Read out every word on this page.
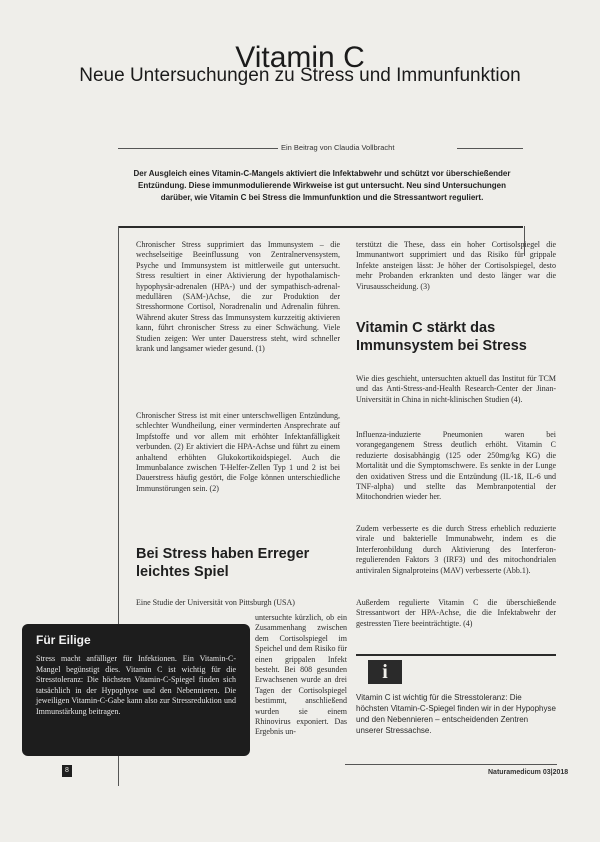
Vitamin C
Neue Untersuchungen zu Stress und Immunfunktion
Ein Beitrag von Claudia Vollbracht
Der Ausgleich eines Vitamin-C-Mangels aktiviert die Infektabwehr und schützt vor überschießender Entzündung. Diese immunmodulierende Wirkweise ist gut untersucht. Neu sind Untersuchungen darüber, wie Vitamin C bei Stress die Immunfunktion und die Stressantwort reguliert.

Chronischer Stress supprimiert das Immunsystem – die wechselseitige Beeinflussung von Zentralnervensystem, Psyche und Immunsystem ist mittlerweile gut untersucht. Stress resultiert in einer Aktivierung der hypothalamisch-hypophysär-adrenalen (HPA-) und der sympathisch-adrenal-medullären (SAM-)Achse, die zur Produktion der Stresshormone Cortisol, Noradrenalin und Adrenalin führen. Während akuter Stress das Immunsystem kurzzeitig aktivieren kann, führt chronischer Stress zu einer Schwächung. Viele Studien zeigen: Wer unter Dauerstress steht, wird schneller krank und langsamer wieder gesund. (1)

Chronischer Stress ist mit einer unterschwelligen Entzündung, schlechter Wundheilung, einer verminderten Ansprechrate auf Impfstoffe und vor allem mit erhöhter Infektanfälligkeit verbunden. (2) Er aktiviert die HPA-Achse und führt zu einem anhaltend erhöhten Glukokortikoidspiegel. Auch die Immunbalance zwischen T-Helfer-Zellen Typ 1 und 2 ist bei Dauerstress häufig gestört, die Folge können unterschiedliche Immunstörungen sein. (2)

Bei Stress haben Erreger leichtes Spiel

Eine Studie der Universität von Pittsburgh (USA)

untersuchte kürzlich, ob ein Zusammenhang zwischen dem Cortisolspiegel im Speichel und dem Risiko für einen grippalen Infekt besteht. Bei 808 gesunden Erwachsenen wurde an drei Tagen der Cortisolspiegel bestimmt, anschließend wurden sie einem Rhinovirus exponiert. Das Ergebnis un-

terstützt die These, dass ein hoher Cortisolspiegel die Immunantwort supprimiert und das Risiko für grippale Infekte ansteigen lässt: Je höher der Cortisolspiegel, desto mehr Probanden erkrankten und desto länger war die Virusausscheidung. (3)

Vitamin C stärkt das Immunsystem bei Stress

Wie dies geschieht, untersuchten aktuell das Institut für TCM und das Anti-Stress-and-Health Research-Center der Jinan-Universität in China in nicht-klinischen Studien (4).

Influenza-induzierte Pneumonien waren bei vorangegangenem Stress deutlich erhöht. Vitamin C reduzierte dosisabhängig (125 oder 250mg/kg KG) die Mortalität und die Symptomschwere. Es senkte in der Lunge den oxidativen Stress und die Entzündung (IL-1ß, IL-6 und TNF-alpha) und stellte das Membranpotential der Mitochondrien wieder her.

Zudem verbesserte es die durch Stress erheblich reduzierte virale und bakterielle Immunabwehr, indem es die Interferonbildung durch Aktivierung des Interferon-regulierenden Faktors 3 (IRF3) und des mitochondrialen antiviralen Signalproteins (MAV) verbesserte (Abb.1).

Außerdem regulierte Vitamin C die überschießende Stressantwort der HPA-Achse, die die Infektabwehr der gestressten Tiere beeinträchtigte. (4)

i
Vitamin C ist wichtig für die Stresstoleranz: Die höchsten Vitamin-C-Spiegel finden wir in der Hypophyse und den Nebennieren – entscheidenden Zentren unserer Stressachse.
Für Eilige
Stress macht anfälliger für Infektionen. Ein Vitamin-C-Mangel begünstigt dies. Vitamin C ist wichtig für die Stresstoleranz: Die höchsten Vitamin-C-Spiegel finden sich tatsächlich in der Hypophyse und den Nebennieren. Die jeweiligen Vitamin-C-Gabe kann also zur Stressreduktion und Immunstärkung beitragen.
8	Naturamedicum 03|2018
